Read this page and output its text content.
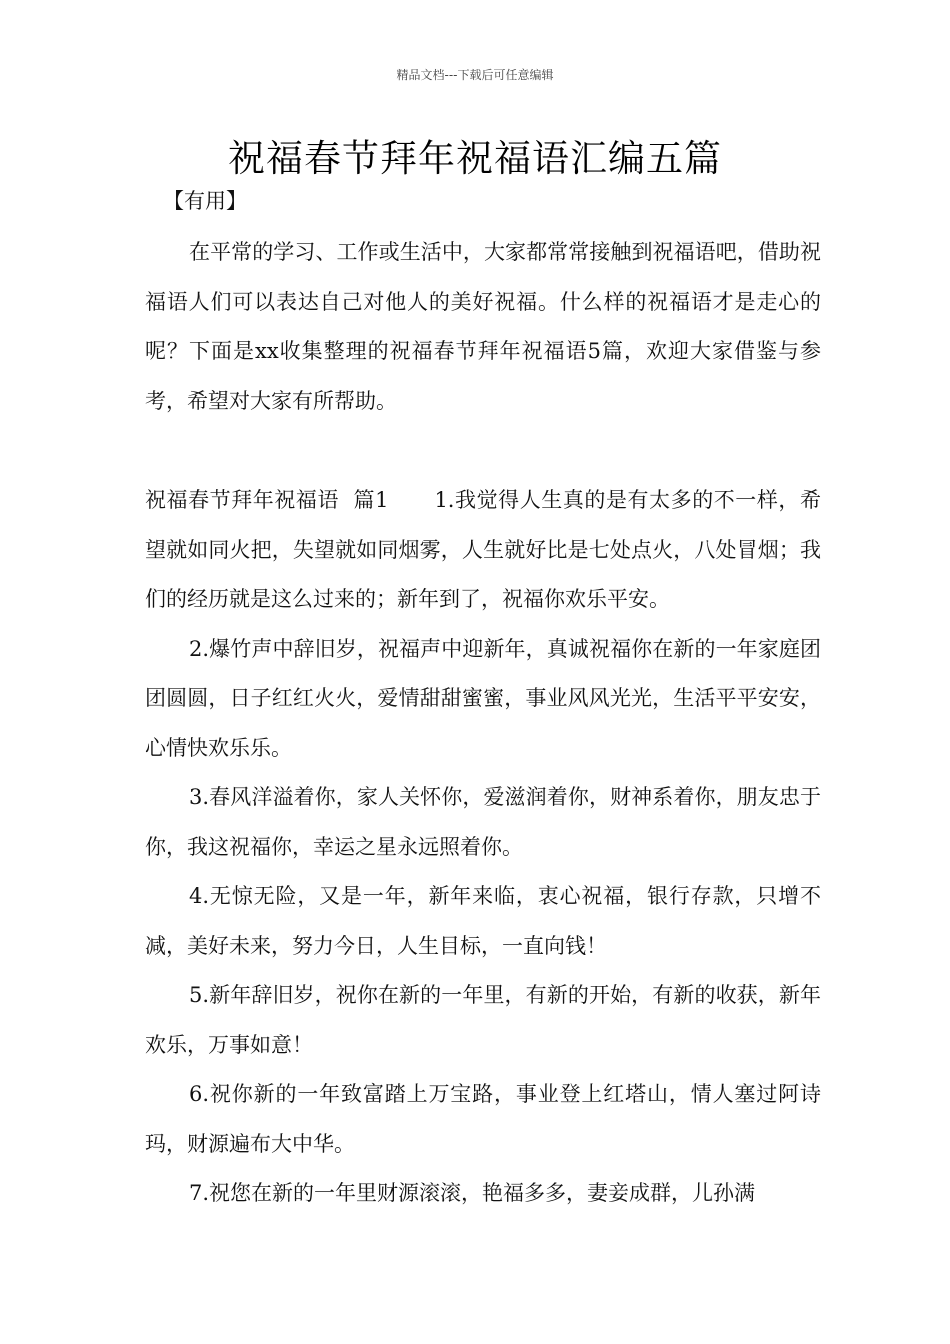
精品文档---下载后可任意编辑
祝福春节拜年祝福语汇编五篇
【有用】

在平常的学习、工作或生活中，大家都常常接触到祝福语吧，借助祝福语人们可以表达自己对他人的美好祝福。什么样的祝福语才是走心的呢？下面是xx收集整理的祝福春节拜年祝福语5篇，欢迎大家借鉴与参考，希望对大家有所帮助。

祝福春节拜年祝福语  篇1 1.我觉得人生真的是有太多的不一样，希望就如同火把，失望就如同烟雾，人生就好比是七处点火，八处冒烟；我们的经历就是这么过来的；新年到了，祝福你欢乐平安。

2.爆竹声中辞旧岁，祝福声中迎新年，真诚祝福你在新的一年家庭团团圆圆，日子红红火火，爱情甜甜蜜蜜，事业风风光光，生活平平安安，心情快欢乐乐。

3.春风洋溢着你，家人关怀你，爱滋润着你，财神系着你，朋友忠于你，我这祝福你，幸运之星永远照着你。

4.无惊无险，又是一年，新年来临，衷心祝福，银行存款，只增不减，美好未来，努力今日，人生目标，一直向钱！

5.新年辞旧岁，祝你在新的一年里，有新的开始，有新的收获，新年欢乐，万事如意！

6.祝你新的一年致富踏上万宝路，事业登上红塔山，情人塞过阿诗玛，财源遍布大中华。

7.祝您在新的一年里财源滚滚，艳福多多，妻妾成群，儿孙满
